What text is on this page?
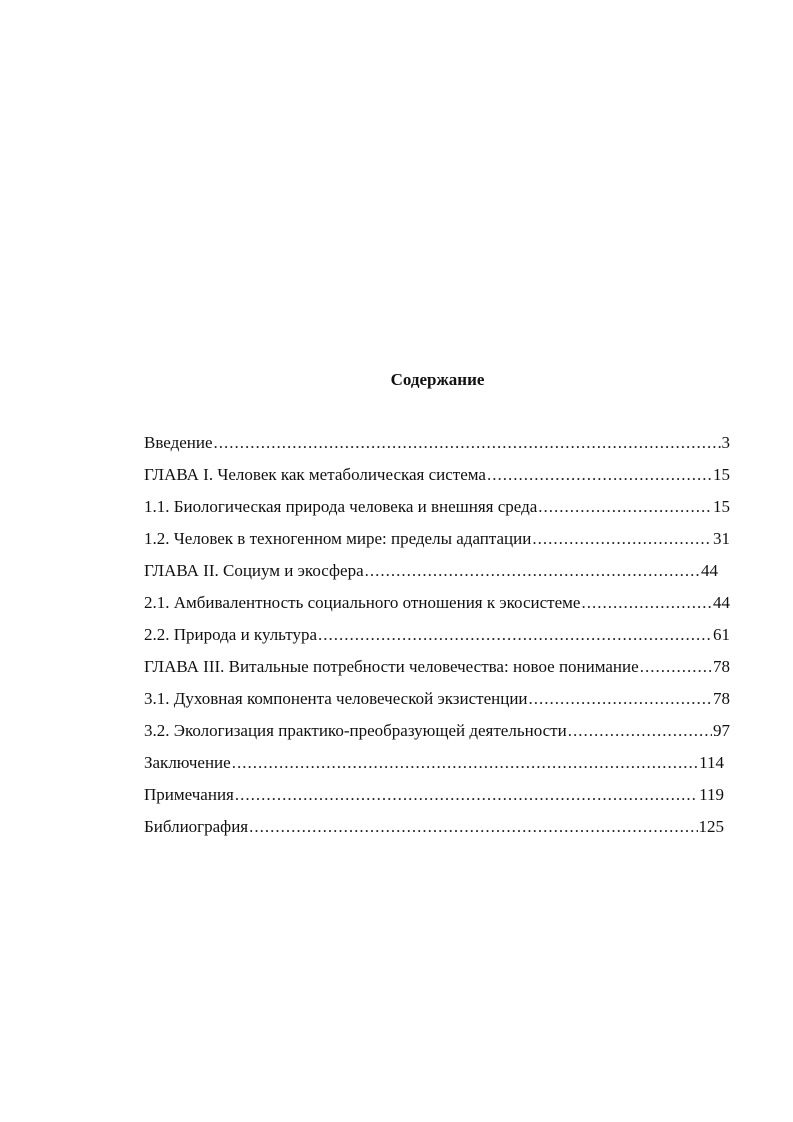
Содержание
Введение .....	3
ГЛАВА I. Человек как метаболическая система .....	15
1.1. Биологическая природа человека и внешняя среда .....	15
1.2. Человек в техногенном мире: пределы адаптации .....	31
ГЛАВА II. Социум и экосфера .....	44
2.1. Амбивалентность социального отношения к экосистеме .....	44
2.2. Природа и культура .....	61
ГЛАВА III. Витальные потребности человечества: новое понимание .....	78
3.1. Духовная компонента человеческой экзистенции .....	78
3.2. Экологизация практико-преобразующей деятельности .....	97
Заключение .....	114
Примечания .....	119
Библиография .....	125
